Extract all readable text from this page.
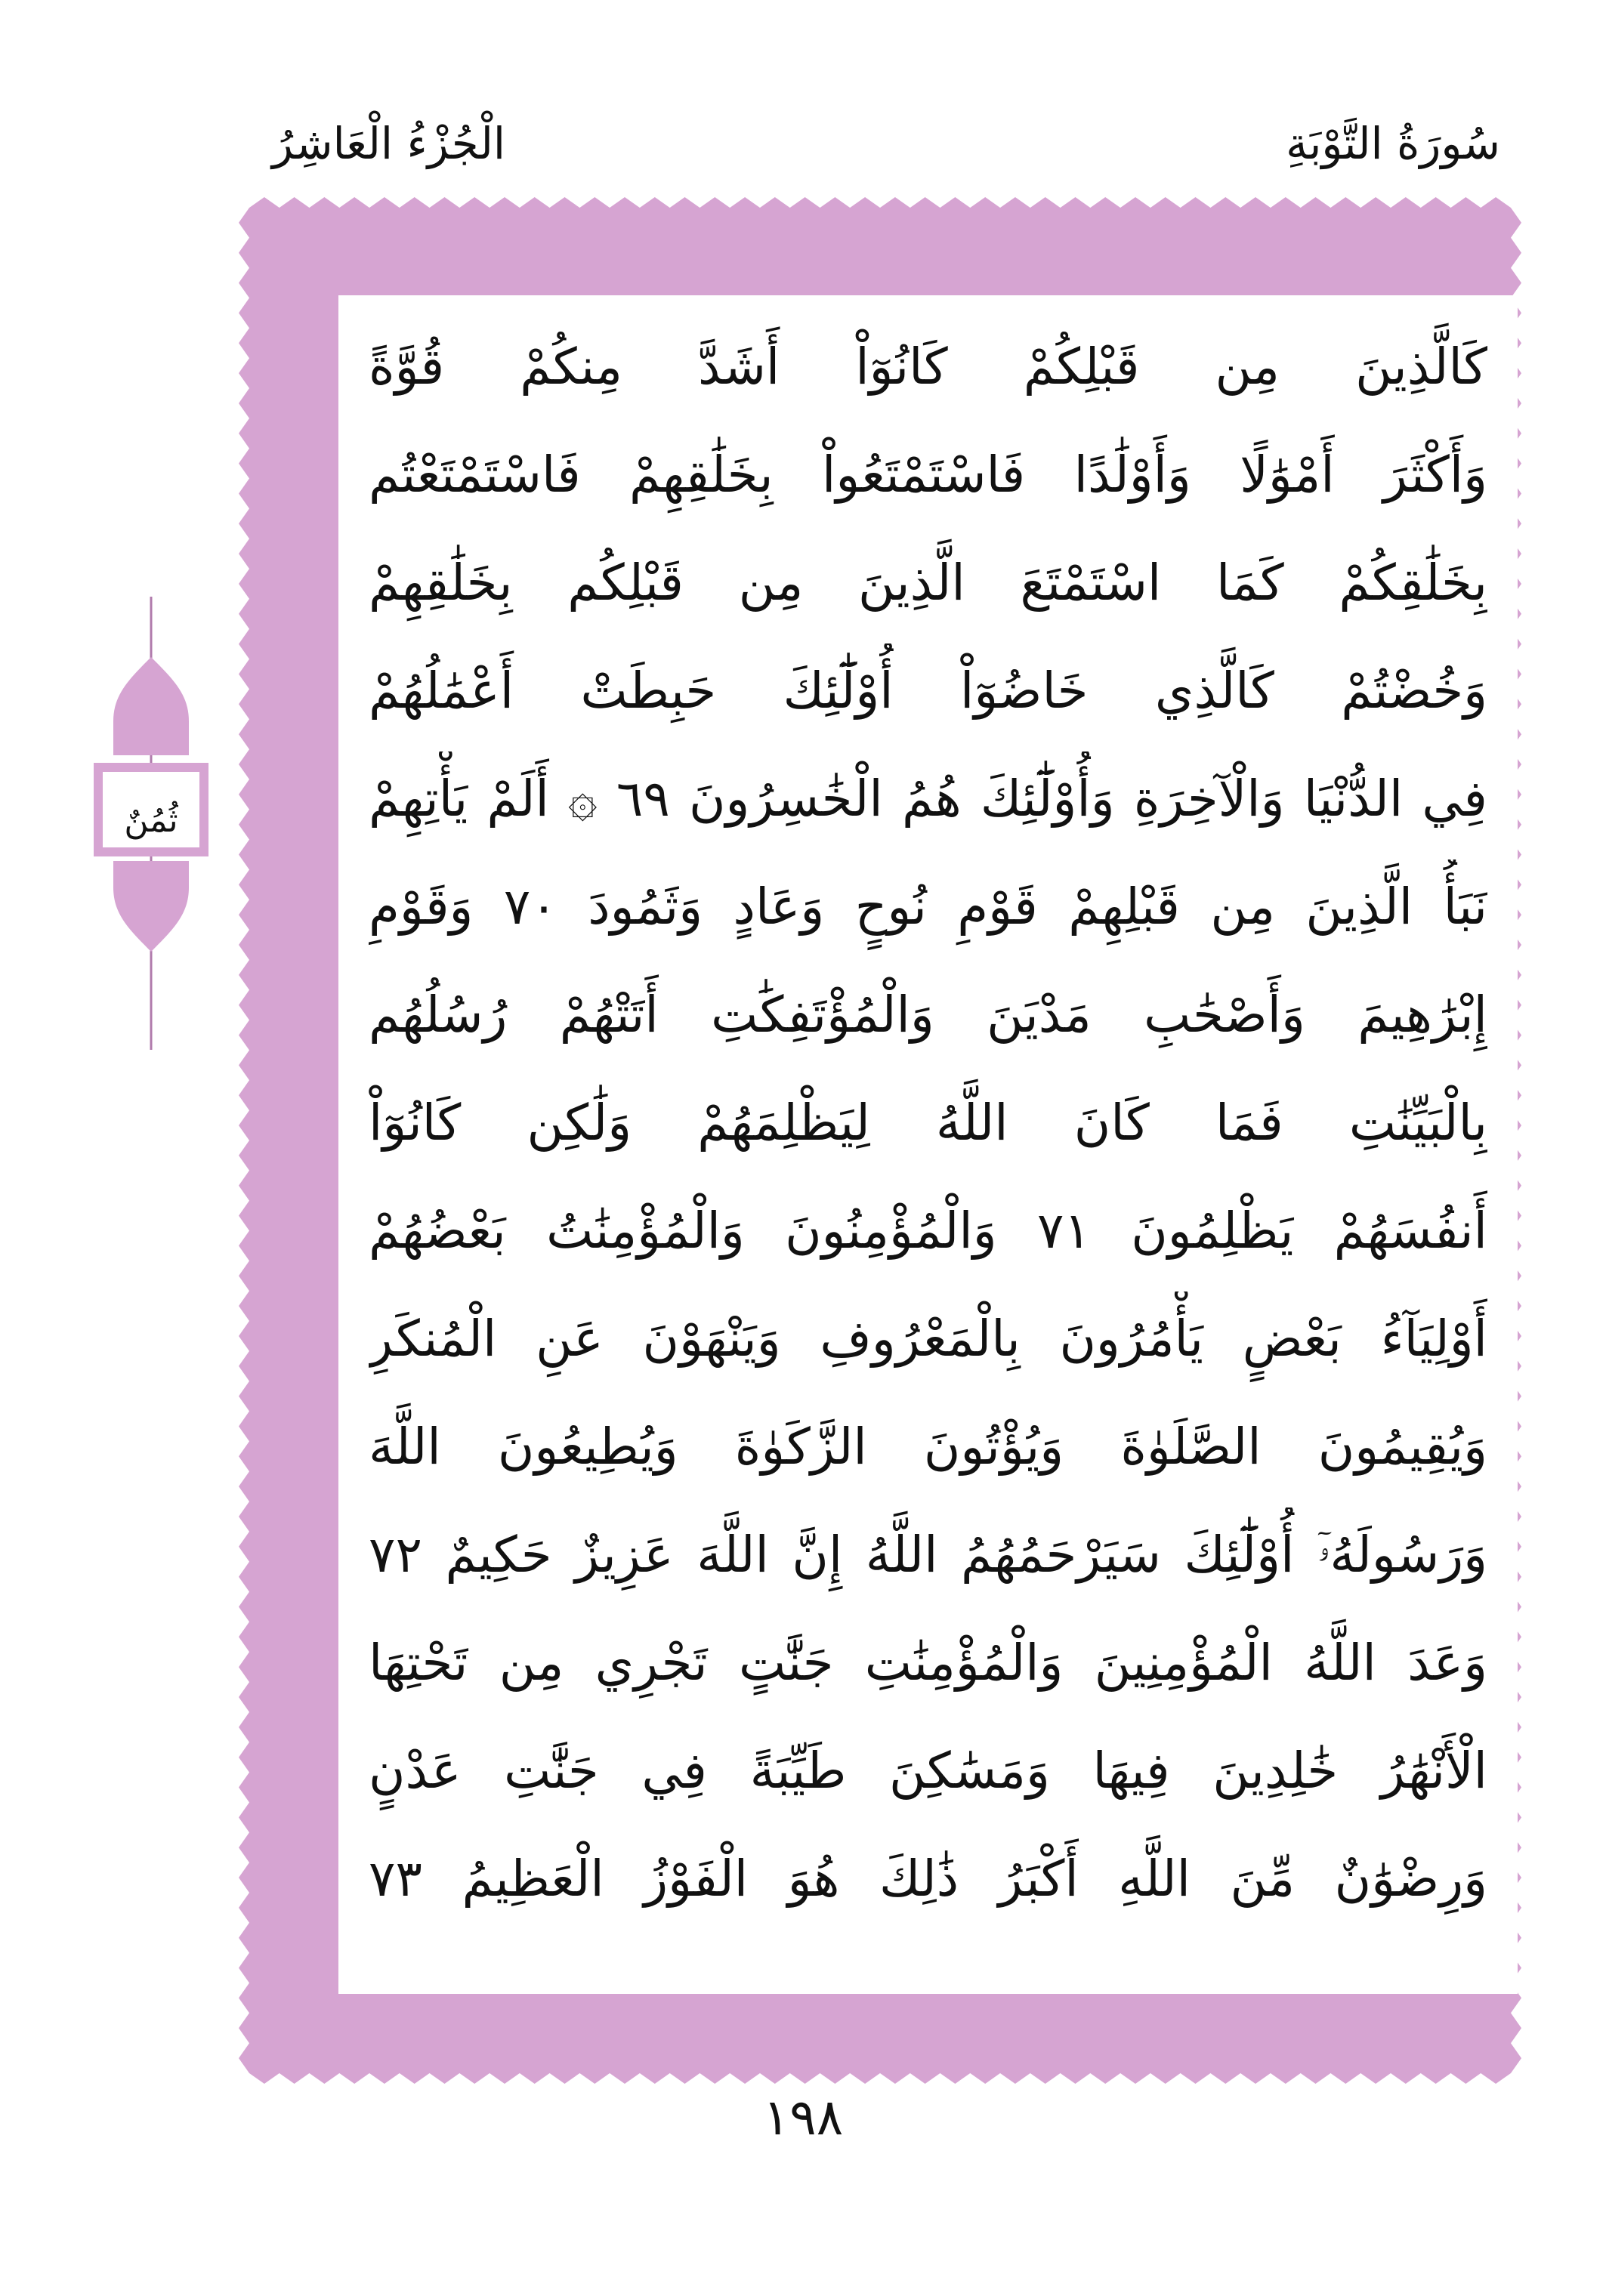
سُورَةُ التَّوْبَةِ
الْجُزْءُ الْعَاشِرُ
ثُمُنٌ
كَالَّذِينَ مِن قَبْلِكُمْ كَانُوٓاْ أَشَدَّ مِنكُمْ قُوَّةً
وَأَكْثَرَ أَمْوَٰلًا وَأَوْلَٰدًا فَاسْتَمْتَعُواْ بِخَلَٰقِهِمْ فَاسْتَمْتَعْتُم
بِخَلَٰقِكُمْ كَمَا اسْتَمْتَعَ الَّذِينَ مِن قَبْلِكُم بِخَلَٰقِهِمْ
وَخُضْتُمْ كَالَّذِي خَاضُوٓاْ أُوْلَٰٓئِكَ حَبِطَتْ أَعْمَٰلُهُمْ
فِي الدُّنْيَا وَالْآخِرَةِ وَأُوْلَٰٓئِكَ هُمُ الْخَٰسِرُونَ ٦٩ ۞ أَلَمْ يَأْتِهِمْ
نَبَأُ الَّذِينَ مِن قَبْلِهِمْ قَوْمِ نُوحٍ وَعَادٍ وَثَمُودَ ٧٠ وَقَوْمِ
إِبْرَٰهِيمَ وَأَصْحَٰبِ مَدْيَنَ وَالْمُؤْتَفِكَٰتِ أَتَتْهُمْ رُسُلُهُم
بِالْبَيِّنَٰتِ فَمَا كَانَ اللَّهُ لِيَظْلِمَهُمْ وَلَٰكِن كَانُوٓاْ
أَنفُسَهُمْ يَظْلِمُونَ ٧١ وَالْمُؤْمِنُونَ وَالْمُؤْمِنَٰتُ بَعْضُهُمْ
أَوْلِيَآءُ بَعْضٍ يَأْمُرُونَ بِالْمَعْرُوفِ وَيَنْهَوْنَ عَنِ الْمُنكَرِ
وَيُقِيمُونَ الصَّلَوٰةَ وَيُؤْتُونَ الزَّكَوٰةَ وَيُطِيعُونَ اللَّهَ
وَرَسُولَهُۥٓ أُوْلَٰٓئِكَ سَيَرْحَمُهُمُ اللَّهُ إِنَّ اللَّهَ عَزِيزٌ حَكِيمٌ ٧٢
وَعَدَ اللَّهُ الْمُؤْمِنِينَ وَالْمُؤْمِنَٰتِ جَنَّٰتٍ تَجْرِي مِن تَحْتِهَا
الْأَنْهَٰرُ خَٰلِدِينَ فِيهَا وَمَسَٰكِنَ طَيِّبَةً فِي جَنَّٰتِ عَدْنٍ
وَرِضْوَٰنٌ مِّنَ اللَّهِ أَكْبَرُ ذَٰلِكَ هُوَ الْفَوْزُ الْعَظِيمُ ٧٣
١٩٨
